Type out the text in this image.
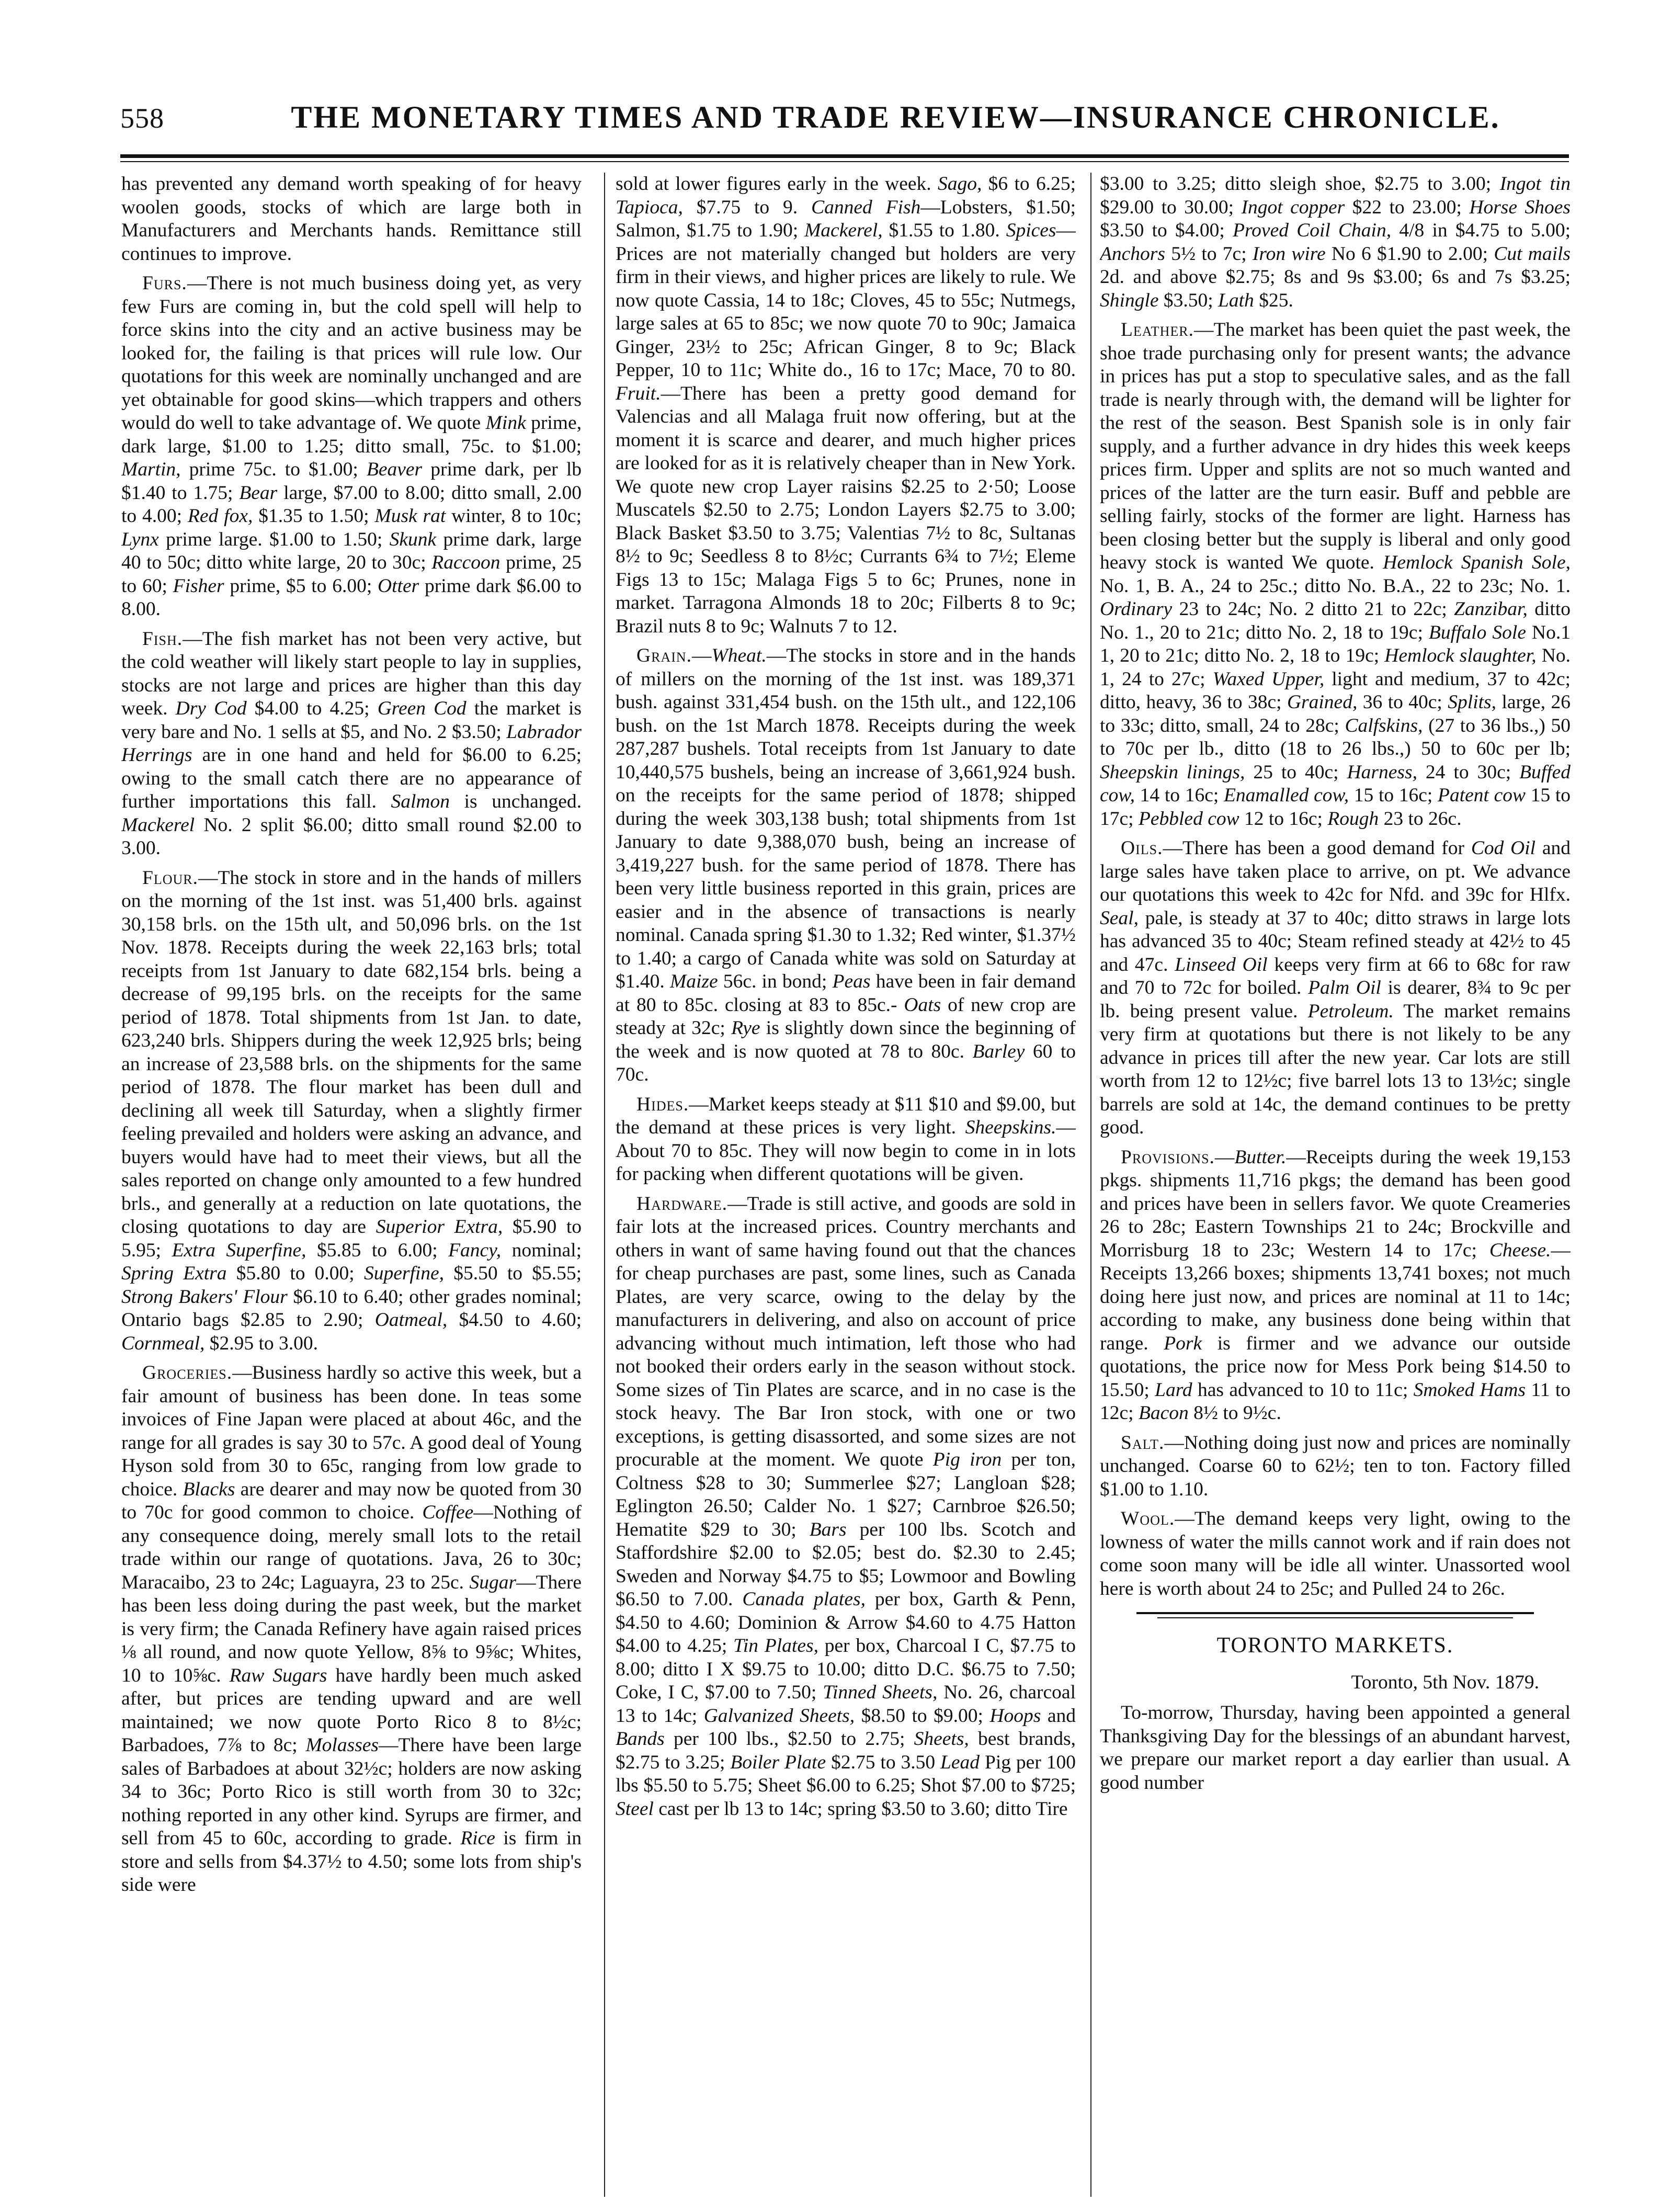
558	THE MONETARY TIMES AND TRADE REVIEW—INSURANCE CHRONICLE.

has prevented any demand worth speaking of for heavy woolen goods, stocks of which are large both in Manufacturers and Merchants hands. Remittance still continues to improve.

Furs.—There is not much business doing yet, as very few Furs are coming in, but the cold spell will help to force skins into the city and an active business may be looked for, the failing is that prices will rule low. Our quotations for this week are nominally unchanged and are yet obtainable for good skins—which trappers and others would do well to take advantage of. We quote Mink prime, dark large, $1.00 to 1.25; ditto small, 75c. to $1.00; Martin, prime 75c. to $1.00; Beaver prime dark, per lb $1.40 to 1.75; Bear large, $7.00 to 8.00; ditto small, 2.00 to 4.00; Red fox, $1.35 to 1.50; Musk rat winter, 8 to 10c; Lynx prime large. $1.00 to 1.50; Skunk prime dark, large 40 to 50c; ditto white large, 20 to 30c; Raccoon prime, 25 to 60; Fisher prime, $5 to 6.00; Otter prime dark $6.00 to 8.00.

Fish.—The fish market has not been very active, but the cold weather will likely start people to lay in supplies, stocks are not large and prices are higher than this day week. Dry Cod $4.00 to 4.25; Green Cod the market is very bare and No. 1 sells at $5, and No. 2 $3.50; Labrador Herrings are in one hand and held for $6.00 to 6.25; owing to the small catch there are no appearance of further importations this fall. Salmon is unchanged. Mackerel No. 2 split $6.00; ditto small round $2.00 to 3.00.

Flour.—The stock in store and in the hands of millers on the morning of the 1st inst. was 51,400 brls. against 30,158 brls. on the 15th ult, and 50,096 brls. on the 1st Nov. 1878. Receipts during the week 22,163 brls; total receipts from 1st January to date 682,154 brls. being a decrease of 99,195 brls. on the receipts for the same period of 1878. Total shipments from 1st Jan. to date, 623,240 brls. Shippers during the week 12,925 brls; being an increase of 23,588 brls. on the shipments for the same period of 1878. The flour market has been dull and declining all week till Saturday, when a slightly firmer feeling prevailed and holders were asking an advance, and buyers would have had to meet their views, but all the sales reported on change only amounted to a few hundred brls., and generally at a reduction on late quotations, the closing quotations to day are Superior Extra, $5.90 to 5.95; Extra Superfine, $5.85 to 6.00; Fancy, nominal; Spring Extra $5.80 to 0.00; Superfine, $5.50 to $5.55; Strong Bakers' Flour $6.10 to 6.40; other grades nominal; Ontario bags $2.85 to 2.90; Oatmeal, $4.50 to 4.60; Cornmeal, $2.95 to 3.00.

Groceries.—Business hardly so active this week, but a fair amount of business has been done. In teas some invoices of Fine Japan were placed at about 46c, and the range for all grades is say 30 to 57c. A good deal of Young Hyson sold from 30 to 65c, ranging from low grade to choice. Blacks are dearer and may now be quoted from 30 to 70c for good common to choice. Coffee—Nothing of any consequence doing, merely small lots to the retail trade within our range of quotations. Java, 26 to 30c; Maracaibo, 23 to 24c; Laguayra, 23 to 25c. Sugar—There has been less doing during the past week, but the market is very firm; the Canada Refinery have again raised prices ⅛ all round, and now quote Yellow, 8⅝ to 9⅝c; Whites, 10 to 10⅝c. Raw Sugars have hardly been much asked after, but prices are tending upward and are well maintained; we now quote Porto Rico 8 to 8½c; Barbadoes, 7⅞ to 8c; Molasses—There have been large sales of Barbadoes at about 32½c; holders are now asking 34 to 36c; Porto Rico is still worth from 30 to 32c; nothing reported in any other kind. Syrups are firmer, and sell from 45 to 60c, according to grade. Rice is firm in store and sells from $4.37½ to 4.50; some lots from ship's side were

sold at lower figures early in the week. Sago, $6 to 6.25; Tapioca, $7.75 to 9. Canned Fish—Lobsters, $1.50; Salmon, $1.75 to 1.90; Mackerel, $1.55 to 1.80. Spices—Prices are not materially changed but holders are very firm in their views, and higher prices are likely to rule. We now quote Cassia, 14 to 18c; Cloves, 45 to 55c; Nutmegs, large sales at 65 to 85c; we now quote 70 to 90c; Jamaica Ginger, 23½ to 25c; African Ginger, 8 to 9c; Black Pepper, 10 to 11c; White do., 16 to 17c; Mace, 70 to 80. Fruit.—There has been a pretty good demand for Valencias and all Malaga fruit now offering, but at the moment it is scarce and dearer, and much higher prices are looked for as it is relatively cheaper than in New York. We quote new crop Layer raisins $2.25 to 2·50; Loose Muscatels $2.50 to 2.75; London Layers $2.75 to 3.00; Black Basket $3.50 to 3.75; Valentias 7½ to 8c, Sultanas 8½ to 9c; Seedless 8 to 8½c; Currants 6¾ to 7½; Eleme Figs 13 to 15c; Malaga Figs 5 to 6c; Prunes, none in market. Tarragona Almonds 18 to 20c; Filberts 8 to 9c; Brazil nuts 8 to 9c; Walnuts 7 to 12.

Grain.—Wheat.—The stocks in store and in the hands of millers on the morning of the 1st inst. was 189,371 bush. against 331,454 bush. on the 15th ult., and 122,106 bush. on the 1st March 1878. Receipts during the week 287,287 bushels. Total receipts from 1st January to date 10,440,575 bushels, being an increase of 3,661,924 bush. on the receipts for the same period of 1878; shipped during the week 303,138 bush; total shipments from 1st January to date 9,388,070 bush, being an increase of 3,419,227 bush. for the same period of 1878. There has been very little business reported in this grain, prices are easier and in the absence of transactions is nearly nominal. Canada spring $1.30 to 1.32; Red winter, $1.37½ to 1.40; a cargo of Canada white was sold on Saturday at $1.40. Maize 56c. in bond; Peas have been in fair demand at 80 to 85c. closing at 83 to 85c.- Oats of new crop are steady at 32c; Rye is slightly down since the beginning of the week and is now quoted at 78 to 80c. Barley 60 to 70c.

Hides.—Market keeps steady at $11 $10 and $9.00, but the demand at these prices is very light. Sheepskins.—About 70 to 85c. They will now begin to come in in lots for packing when different quotations will be given.

Hardware.—Trade is still active, and goods are sold in fair lots at the increased prices. Country merchants and others in want of same having found out that the chances for cheap purchases are past, some lines, such as Canada Plates, are very scarce, owing to the delay by the manufacturers in delivering, and also on account of price advancing without much intimation, left those who had not booked their orders early in the season without stock. Some sizes of Tin Plates are scarce, and in no case is the stock heavy. The Bar Iron stock, with one or two exceptions, is getting disassorted, and some sizes are not procurable at the moment. We quote Pig iron per ton, Coltness $28 to 30; Summerlee $27; Langloan $28; Eglington 26.50; Calder No. 1 $27; Carnbroe $26.50; Hematite $29 to 30; Bars per 100 lbs. Scotch and Staffordshire $2.00 to $2.05; best do. $2.30 to 2.45; Sweden and Norway $4.75 to $5; Lowmoor and Bowling $6.50 to 7.00. Canada plates, per box, Garth & Penn, $4.50 to 4.60; Dominion & Arrow $4.60 to 4.75 Hatton $4.00 to 4.25; Tin Plates, per box, Charcoal I C, $7.75 to 8.00; ditto I X $9.75 to 10.00; ditto D.C. $6.75 to 7.50; Coke, I C, $7.00 to 7.50; Tinned Sheets, No. 26, charcoal 13 to 14c; Galvanized Sheets, $8.50 to $9.00; Hoops and Bands per 100 lbs., $2.50 to 2.75; Sheets, best brands, $2.75 to 3.25; Boiler Plate $2.75 to 3.50 Lead Pig per 100 lbs $5.50 to 5.75; Sheet $6.00 to 6.25; Shot $7.00 to $725; Steel cast per lb 13 to 14c; spring $3.50 to 3.60; ditto Tire

$3.00 to 3.25; ditto sleigh shoe, $2.75 to 3.00; Ingot tin $29.00 to 30.00; Ingot copper $22 to 23.00; Horse Shoes $3.50 to $4.00; Proved Coil Chain, 4/8 in $4.75 to 5.00; Anchors 5½ to 7c; Iron wire No 6 $1.90 to 2.00; Cut mails 2d. and above $2.75; 8s and 9s $3.00; 6s and 7s $3.25; Shingle $3.50; Lath $25.

Leather.—The market has been quiet the past week, the shoe trade purchasing only for present wants; the advance in prices has put a stop to speculative sales, and as the fall trade is nearly through with, the demand will be lighter for the rest of the season. Best Spanish sole is in only fair supply, and a further advance in dry hides this week keeps prices firm. Upper and splits are not so much wanted and prices of the latter are the turn easir. Buff and pebble are selling fairly, stocks of the former are light. Harness has been closing better but the supply is liberal and only good heavy stock is wanted We quote. Hemlock Spanish Sole, No. 1, B. A., 24 to 25c.; ditto No. B.A., 22 to 23c; No. 1. Ordinary 23 to 24c; No. 2 ditto 21 to 22c; Zanzibar, ditto No. 1., 20 to 21c; ditto No. 2, 18 to 19c; Buffalo Sole No.1 1, 20 to 21c; ditto No. 2, 18 to 19c; Hemlock slaughter, No. 1, 24 to 27c; Waxed Upper, light and medium, 37 to 42c; ditto, heavy, 36 to 38c; Grained, 36 to 40c; Splits, large, 26 to 33c; ditto, small, 24 to 28c; Calfskins, (27 to 36 lbs.,) 50 to 70c per lb., ditto (18 to 26 lbs.,) 50 to 60c per lb; Sheepskin linings, 25 to 40c; Harness, 24 to 30c; Buffed cow, 14 to 16c; Enamalled cow, 15 to 16c; Patent cow 15 to 17c; Pebbled cow 12 to 16c; Rough 23 to 26c.

Oils.—There has been a good demand for Cod Oil and large sales have taken place to arrive, on pt. We advance our quotations this week to 42c for Nfd. and 39c for Hlfx. Seal, pale, is steady at 37 to 40c; ditto straws in large lots has advanced 35 to 40c; Steam refined steady at 42½ to 45 and 47c. Linseed Oil keeps very firm at 66 to 68c for raw and 70 to 72c for boiled. Palm Oil is dearer, 8¾ to 9c per lb. being present value. Petroleum. The market remains very firm at quotations but there is not likely to be any advance in prices till after the new year. Car lots are still worth from 12 to 12½c; five barrel lots 13 to 13½c; single barrels are sold at 14c, the demand continues to be pretty good.

Provisions.—Butter.—Receipts during the week 19,153 pkgs. shipments 11,716 pkgs; the demand has been good and prices have been in sellers favor. We quote Creameries 26 to 28c; Eastern Townships 21 to 24c; Brockville and Morrisburg 18 to 23c; Western 14 to 17c; Cheese.—Receipts 13,266 boxes; shipments 13,741 boxes; not much doing here just now, and prices are nominal at 11 to 14c; according to make, any business done being within that range. Pork is firmer and we advance our outside quotations, the price now for Mess Pork being $14.50 to 15.50; Lard has advanced to 10 to 11c; Smoked Hams 11 to 12c; Bacon 8½ to 9½c.

Salt.—Nothing doing just now and prices are nominally unchanged. Coarse 60 to 62½; ten to ton. Factory filled $1.00 to 1.10.

Wool.—The demand keeps very light, owing to the lowness of water the mills cannot work and if rain does not come soon many will be idle all winter. Unassorted wool here is worth about 24 to 25c; and Pulled 24 to 26c.

TORONTO MARKETS.
Toronto, 5th Nov. 1879.

To-morrow, Thursday, having been appointed a general Thanksgiving Day for the blessings of an abundant harvest, we prepare our market report a day earlier than usual. A good number
